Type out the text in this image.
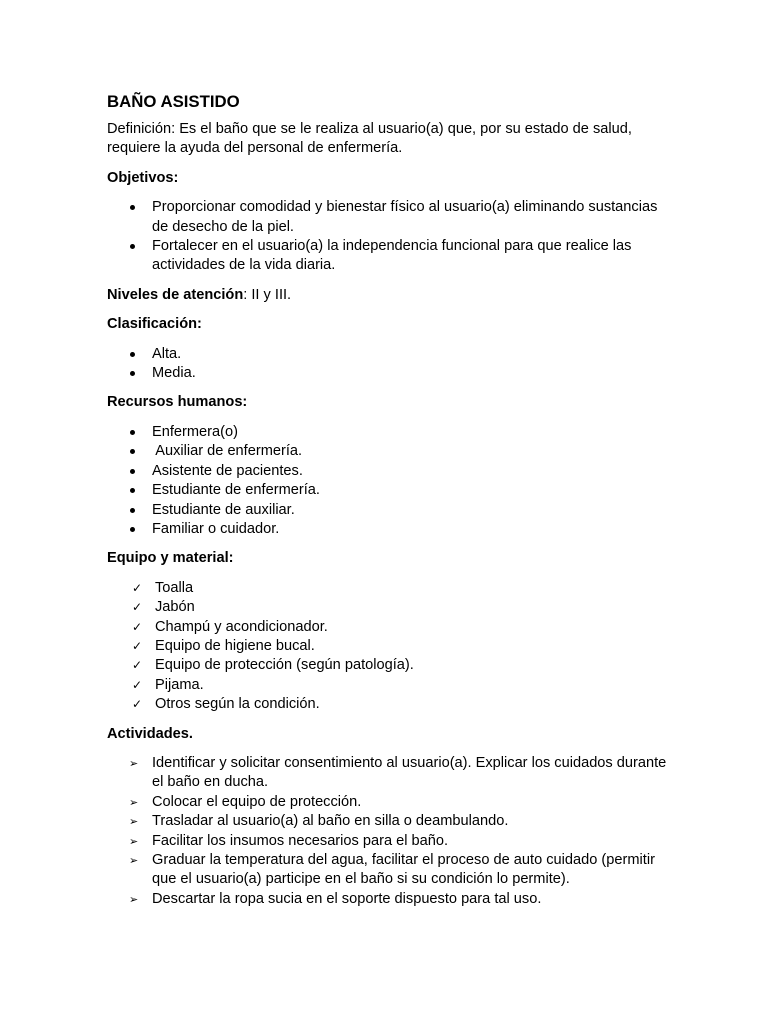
BAÑO ASISTIDO
Definición: Es el baño que se le realiza al usuario(a) que, por su estado de salud, requiere la ayuda del personal de enfermería.
Objetivos:
Proporcionar comodidad y bienestar físico al usuario(a) eliminando sustancias de desecho de la piel.
Fortalecer en el usuario(a) la independencia funcional para que realice las actividades de la vida diaria.
Niveles de atención: II y III.
Clasificación:
Alta.
Media.
Recursos humanos:
Enfermera(o)
Auxiliar de enfermería.
Asistente de pacientes.
Estudiante de enfermería.
Estudiante de auxiliar.
Familiar o cuidador.
Equipo y material:
✓ Toalla
✓ Jabón
✓ Champú y acondicionador.
✓ Equipo de higiene bucal.
✓ Equipo de protección (según patología).
✓ Pijama.
✓ Otros según la condición.
Actividades.
➢ Identificar y solicitar consentimiento al usuario(a). Explicar los cuidados durante el baño en ducha.
➢ Colocar el equipo de protección.
➢ Trasladar al usuario(a) al baño en silla o deambulando.
➢ Facilitar los insumos necesarios para el baño.
➢ Graduar la temperatura del agua, facilitar el proceso de auto cuidado (permitir que el usuario(a) participe en el baño si su condición lo permite).
➢ Descartar la ropa sucia en el soporte dispuesto para tal uso.
